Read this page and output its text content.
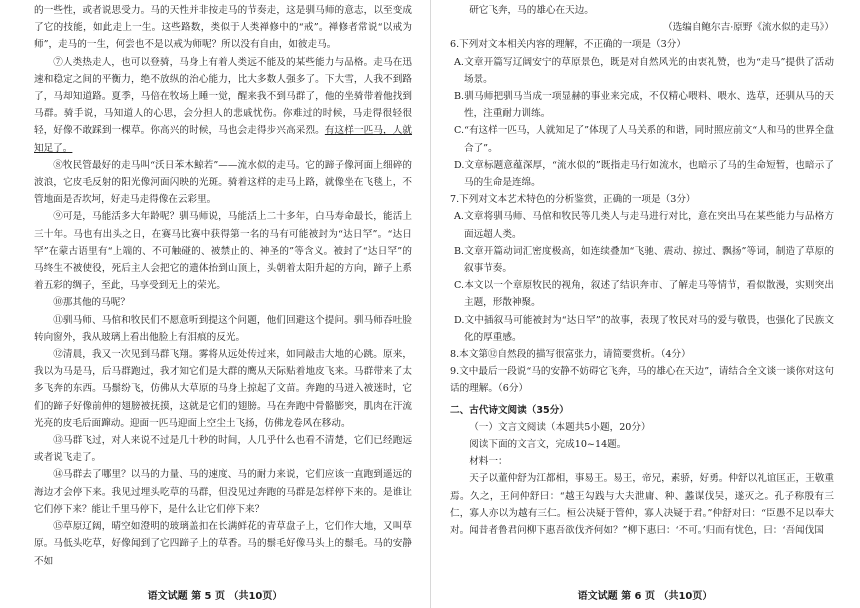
的一些性，或者说思受力。马的天性并非按走马的节奏走，这是驯马师的意志，以至变成了它的技能，如此走上一生。这些路数，类似于人类禅修中的“戒”。禅修者常说“以戒为师”，走马的一生，何尝也不是以戒为师呢？所以没有自由，如彼走马。

⑦人类热走人，也可以登骑，马身上有着人类远不能及的某些能力与品格。走马在迅速和稳定之间的平衡力，绝不放纵的治心能力，比大多数人强多了。下大雪，人我不到路了，马却知道路。夏季，马倍在牧场上睡一觉，醒来我不到马群了，他的坐骑带着他找到马群。骑手说，马知道人的心思，会分担人的悲戚忧伤。你难过的时候，马走得很轻很轻，好像不敢踩到一棵草。你高兴的时候，马也会走得步兴高采烈。有这样一匹马，人就知足了。

⑧牧民管最好的走马叫“沃日苯木鲸若”——流水似的走马。它的蹄子像河面上细碎的波浪，它皮毛反射的阳光像河面闪映的光斑。骑着这样的走马上路，就像坐在飞毯上，不管地面是否坎坷，好走马走得像在云彩里。

⑨可是，马能活多大年龄呢？驯马师说，马能活上二十多年，白马寿命最长，能活上三十年。马也有出头之日，在赛马比赛中获得第一名的马有可能被封为“达日罕”。“达日罕”在蒙古语里有“上端的、不可触碰的、被禁止的、神圣的”等含义。被封了“达日罕”的马终生不被使役，死后主人会把它的遗体抬到山顶上，头朝着太阳升起的方向，蹄子上系着五彩的绸子，至此，马享受到无上的荣光。

⑩那其他的马呢？

⑪驯马师、马倌和牧民们不愿意听到提这个问题，他们回避这个提问。驯马师吞吐脸转向窗外，我从玻璃上看出他脸上有泪痕的反光。

⑫清晨，我又一次见到马群飞翔。雾将从远处传过来，如同敲击大地的心跳。原来，我以为马是马，后马群跑过，我才知它们是大群的鹰从天际贴着地皮飞来。马群带来了太多飞奔的东西。马鬃纷飞，仿佛从大草原的马身上掠起了文苗。奔跑的马迸入被迷时，它们的蹄子好像前伸的翅膀被抚摸，这就是它们的翅膀。马在奔跑中骨骼膨突，肌肉在汗流光亮的皮毛后面蹿动。迎面一匹马迎面上空尘土飞扬，仿佛龙卷风在移动。

⑬马群飞过，对人来说不过是几十秒的时间，人几乎什么也看不清楚，它们已经跑远或者说飞走了。

⑭马群去了哪里？以马的力量、马的速度、马的耐力来说，它们应该一直跑到遥远的海边才会停下来。我见过埋头吃草的马群，但没见过奔跑的马群是怎样停下来的。是谁让它们停下来？能让千里马停下，是什么让它们停下来？

⑮草原辽阔，晴空如澄明的玻璃盖扣在长满鲜花的青草盘子上，它们作大地，又叫草原。马低头吃草，好像闻到了它四蹄子上的草香。马的鬃毛好像马头上的鬃毛。马的安静不如

语文试题 第 5 页 （共10页）

研它飞奔，马的雄心在天边。

（选编自鲍尔吉·原野《流水似的走马》）

6.下列对文本相关内容的理解，不正确的一项是（3分）

A.文章开篇写辽阔安宁的草原景色，既是对自然风光的由衷礼赞，也为“走马”提供了活动场景。

B.驯马师把驯马当成一项显赫的事业来完成，不仅精心喂料、喂水、选草，还驯从马的天性，注重耐力训练。

C.“有这样一匹马，人就知足了”体现了人马关系的和谐，同时照应前文“人和马的世界全盘合了”。

D.文章标题意蕴深厚，“流水似的”既指走马行如流水，也暗示了马的生命短暂，也暗示了马的生命是连绵。

7.下列对文本艺术特色的分析鉴赏，正确的一项是（3分）

A.文章将驯马师、马倌和牧民等几类人与走马进行对比，意在突出马在某些能力与品格方面远超人类。

B.文章开篇动词汇密度极高，如连续叠加“飞驰、震动、掠过、飘扬”等词，制造了草原的叙事节奏。

C.本文以一个章原牧民的视角，叙述了结识奔市、了解走马等情节，看似散漫，实则突出主题，形散神聚。

D.文中插叙马可能被封为“达日罕”的故事，表现了牧民对马的爱与敬畏，也强化了民族文化的厚重感。

8.本文第⑫自然段的描写很富张力，请简要赏析。（4分）

9.文中最后一段说“马的安静不妨碍它飞奔，马的雄心在天边”，请结合全文谈一谈你对这句话的理解。（6分）

二、古代诗文阅读（35分）

（一）文言文阅读（本题共5小题，20分）

阅读下面的文言文，完成10~14题。

材料一：

天子以董仲舒为江都相，事易王。易王，帝兄，素骄，好勇。仲舒以礼谊匡正，王敬重焉。久之，王问仲舒曰：“越王勾践与大夫泄庸、种、蠡谋伐吴，遂灭之。孔子称殷有三仁，寡人亦以为越有三仁。桓公决疑于管仲，寡人决疑于君。”仲舒对曰：“臣愚不足以奉大对。闻昔者鲁君问柳下惠吾欲伐齐何如？”柳下惠曰：‘不可。’归而有忧色，曰：‘吾闻伐国

语文试题 第 6 页 （共10页）
